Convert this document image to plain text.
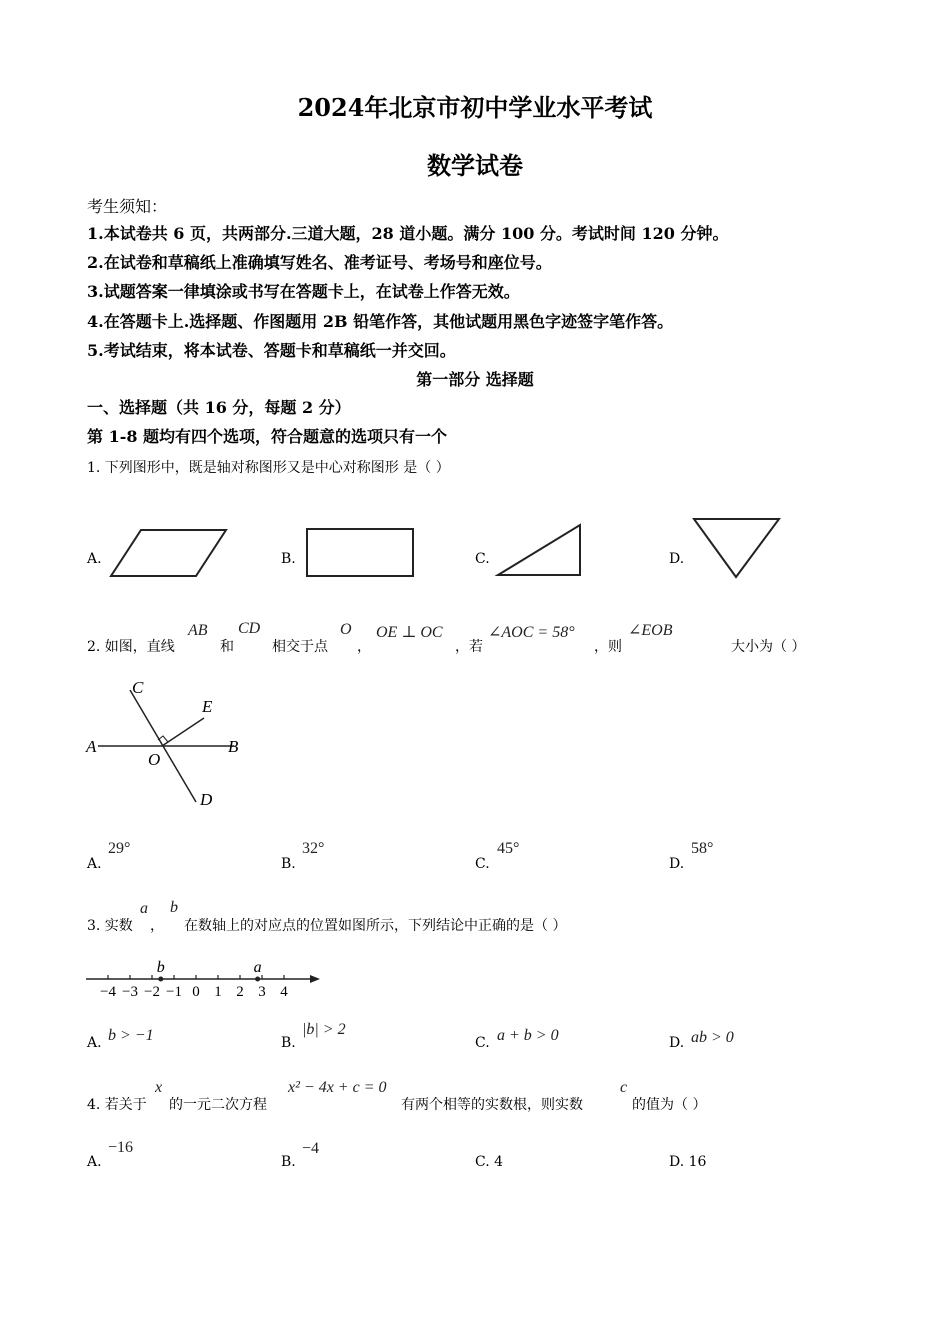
2024年北京市初中学业水平考试
数学试卷
考生须知：
1.本试卷共 6 页，共两部分.三道大题，28 道小题。满分 100 分。考试时间 120 分钟。
2.在试卷和草稿纸上准确填写姓名、准考证号、考场号和座位号。
3.试题答案一律填涂或书写在答题卡上，在试卷上作答无效。
4.在答题卡上.选择题、作图题用 2B 铅笔作答，其他试题用黑色字迹签字笔作答。
5.考试结束，将本试卷、答题卡和草稿纸一并交回。
第一部分 选择题
一、选择题（共 16 分，每题 2 分）
第 1-8 题均有四个选项，符合题意的选项只有一个
1. 下列图形中，既是轴对称图形又是中心对称图形 是（ ）
A.	B.	C.	D.
2. 如图，直线
AB
和
CD
相交于点
O
，
OE ⊥ OC
，若
∠AOC = 58°
，则
∠EOB
大小为（ ）
A	B
C
D
E
O
A.
29°
B.
32°
C.
45°
D.
58°
3. 实数
a
，
b
在数轴上的对应点的位置如图所示，下列结论中正确的是（ ）
−4 −3 −2 −1 0 1 2 3 4
b	a
A. b > −1	B.
|b| > 2
C. a + b > 0	D. ab > 0
4. 若关于
x
的一元二次方程
x² − 4x + c = 0
有两个相等的实数根，则实数
c
的值为（ ）
A.
−16
B.
−4
C. 4	D. 16
